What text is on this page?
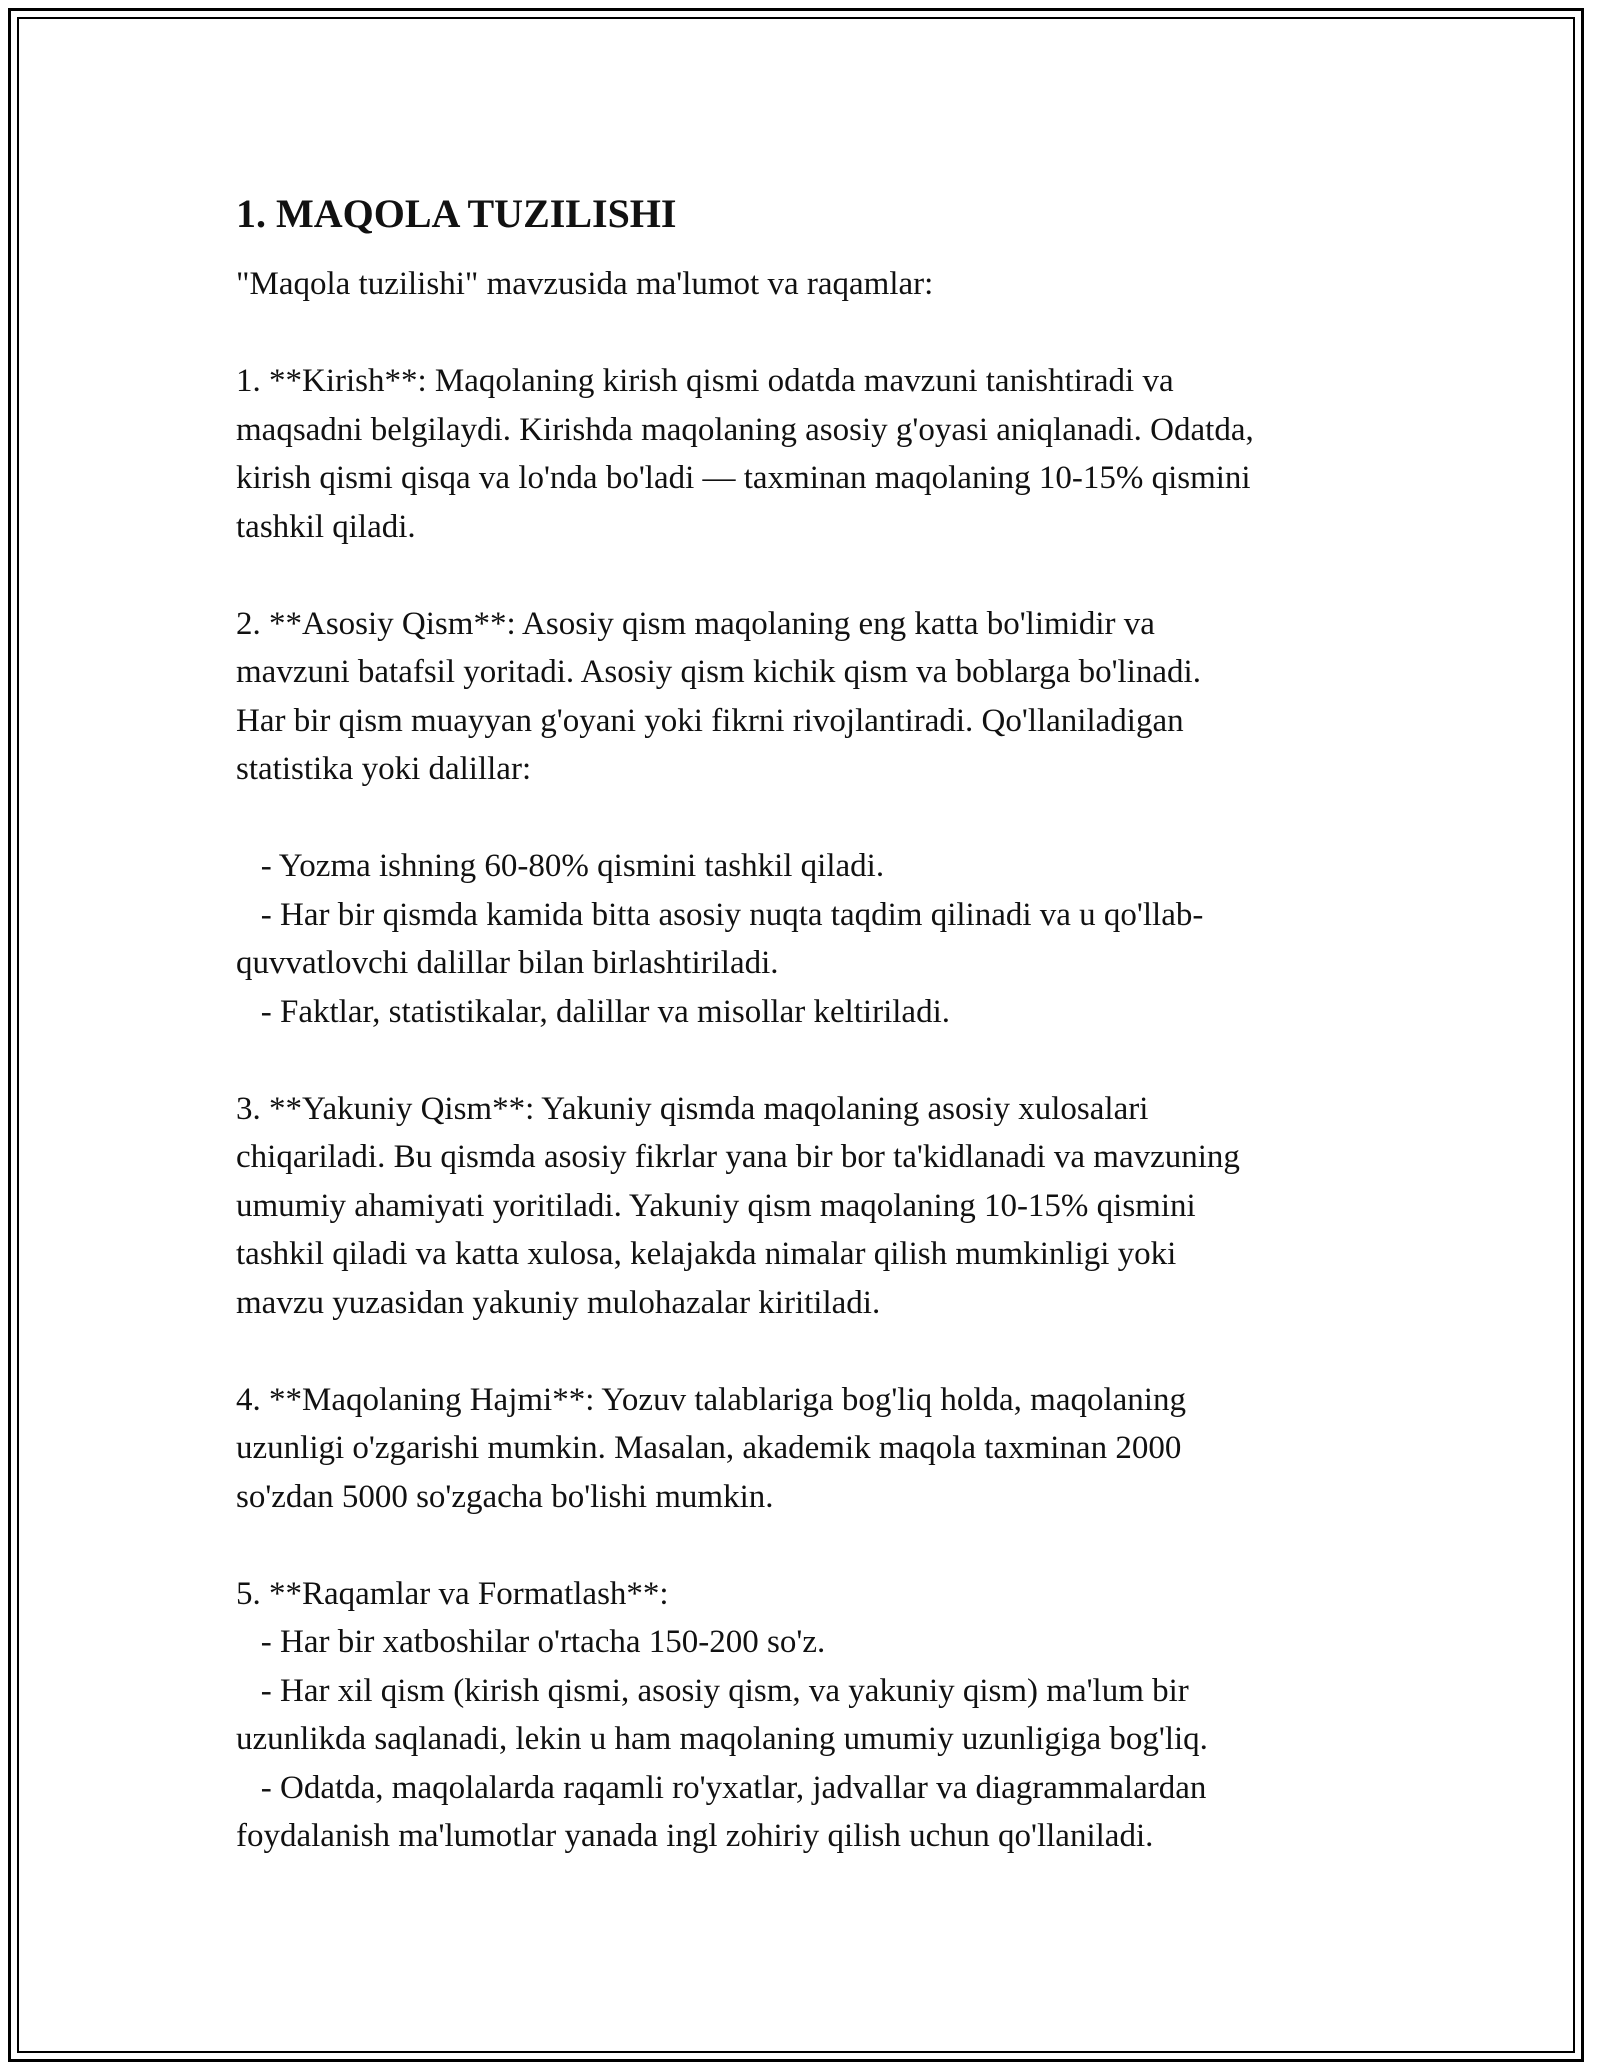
1. MAQOLA TUZILISHI

"Maqola tuzilishi" mavzusida ma'lumot va raqamlar:

1. **Kirish**: Maqolaning kirish qismi odatda mavzuni tanishtiradi va
maqsadni belgilaydi. Kirishda maqolaning asosiy g'oyasi aniqlanadi. Odatda,
kirish qismi qisqa va lo'nda bo'ladi — taxminan maqolaning 10-15% qismini
tashkil qiladi.

2. **Asosiy Qism**: Asosiy qism maqolaning eng katta bo'limidir va
mavzuni batafsil yoritadi. Asosiy qism kichik qism va boblarga bo'linadi.
Har bir qism muayyan g'oyani yoki fikrni rivojlantiradi. Qo'llaniladigan
statistika yoki dalillar:

- Yozma ishning 60-80% qismini tashkil qiladi.
- Har bir qismda kamida bitta asosiy nuqta taqdim qilinadi va u qo'llab-
quvvatlovchi dalillar bilan birlashtiriladi.
- Faktlar, statistikalar, dalillar va misollar keltiriladi.

3. **Yakuniy Qism**: Yakuniy qismda maqolaning asosiy xulosalari
chiqariladi. Bu qismda asosiy fikrlar yana bir bor ta'kidlanadi va mavzuning
umumiy ahamiyati yoritiladi. Yakuniy qism maqolaning 10-15% qismini
tashkil qiladi va katta xulosa, kelajakda nimalar qilish mumkinligi yoki
mavzu yuzasidan yakuniy mulohazalar kiritiladi.

4. **Maqolaning Hajmi**: Yozuv talablariga bog'liq holda, maqolaning
uzunligi o'zgarishi mumkin. Masalan, akademik maqola taxminan 2000
so'zdan 5000 so'zgacha bo'lishi mumkin.

5. **Raqamlar va Formatlash**:
- Har bir xatboshilar o'rtacha 150-200 so'z.
- Har xil qism (kirish qismi, asosiy qism, va yakuniy qism) ma'lum bir
uzunlikda saqlanadi, lekin u ham maqolaning umumiy uzunligiga bog'liq.
- Odatda, maqolalarda raqamli ro'yxatlar, jadvallar va diagrammalardan
foydalanish ma'lumotlar yanada ingl zohiriy qilish uchun qo'llaniladi.
